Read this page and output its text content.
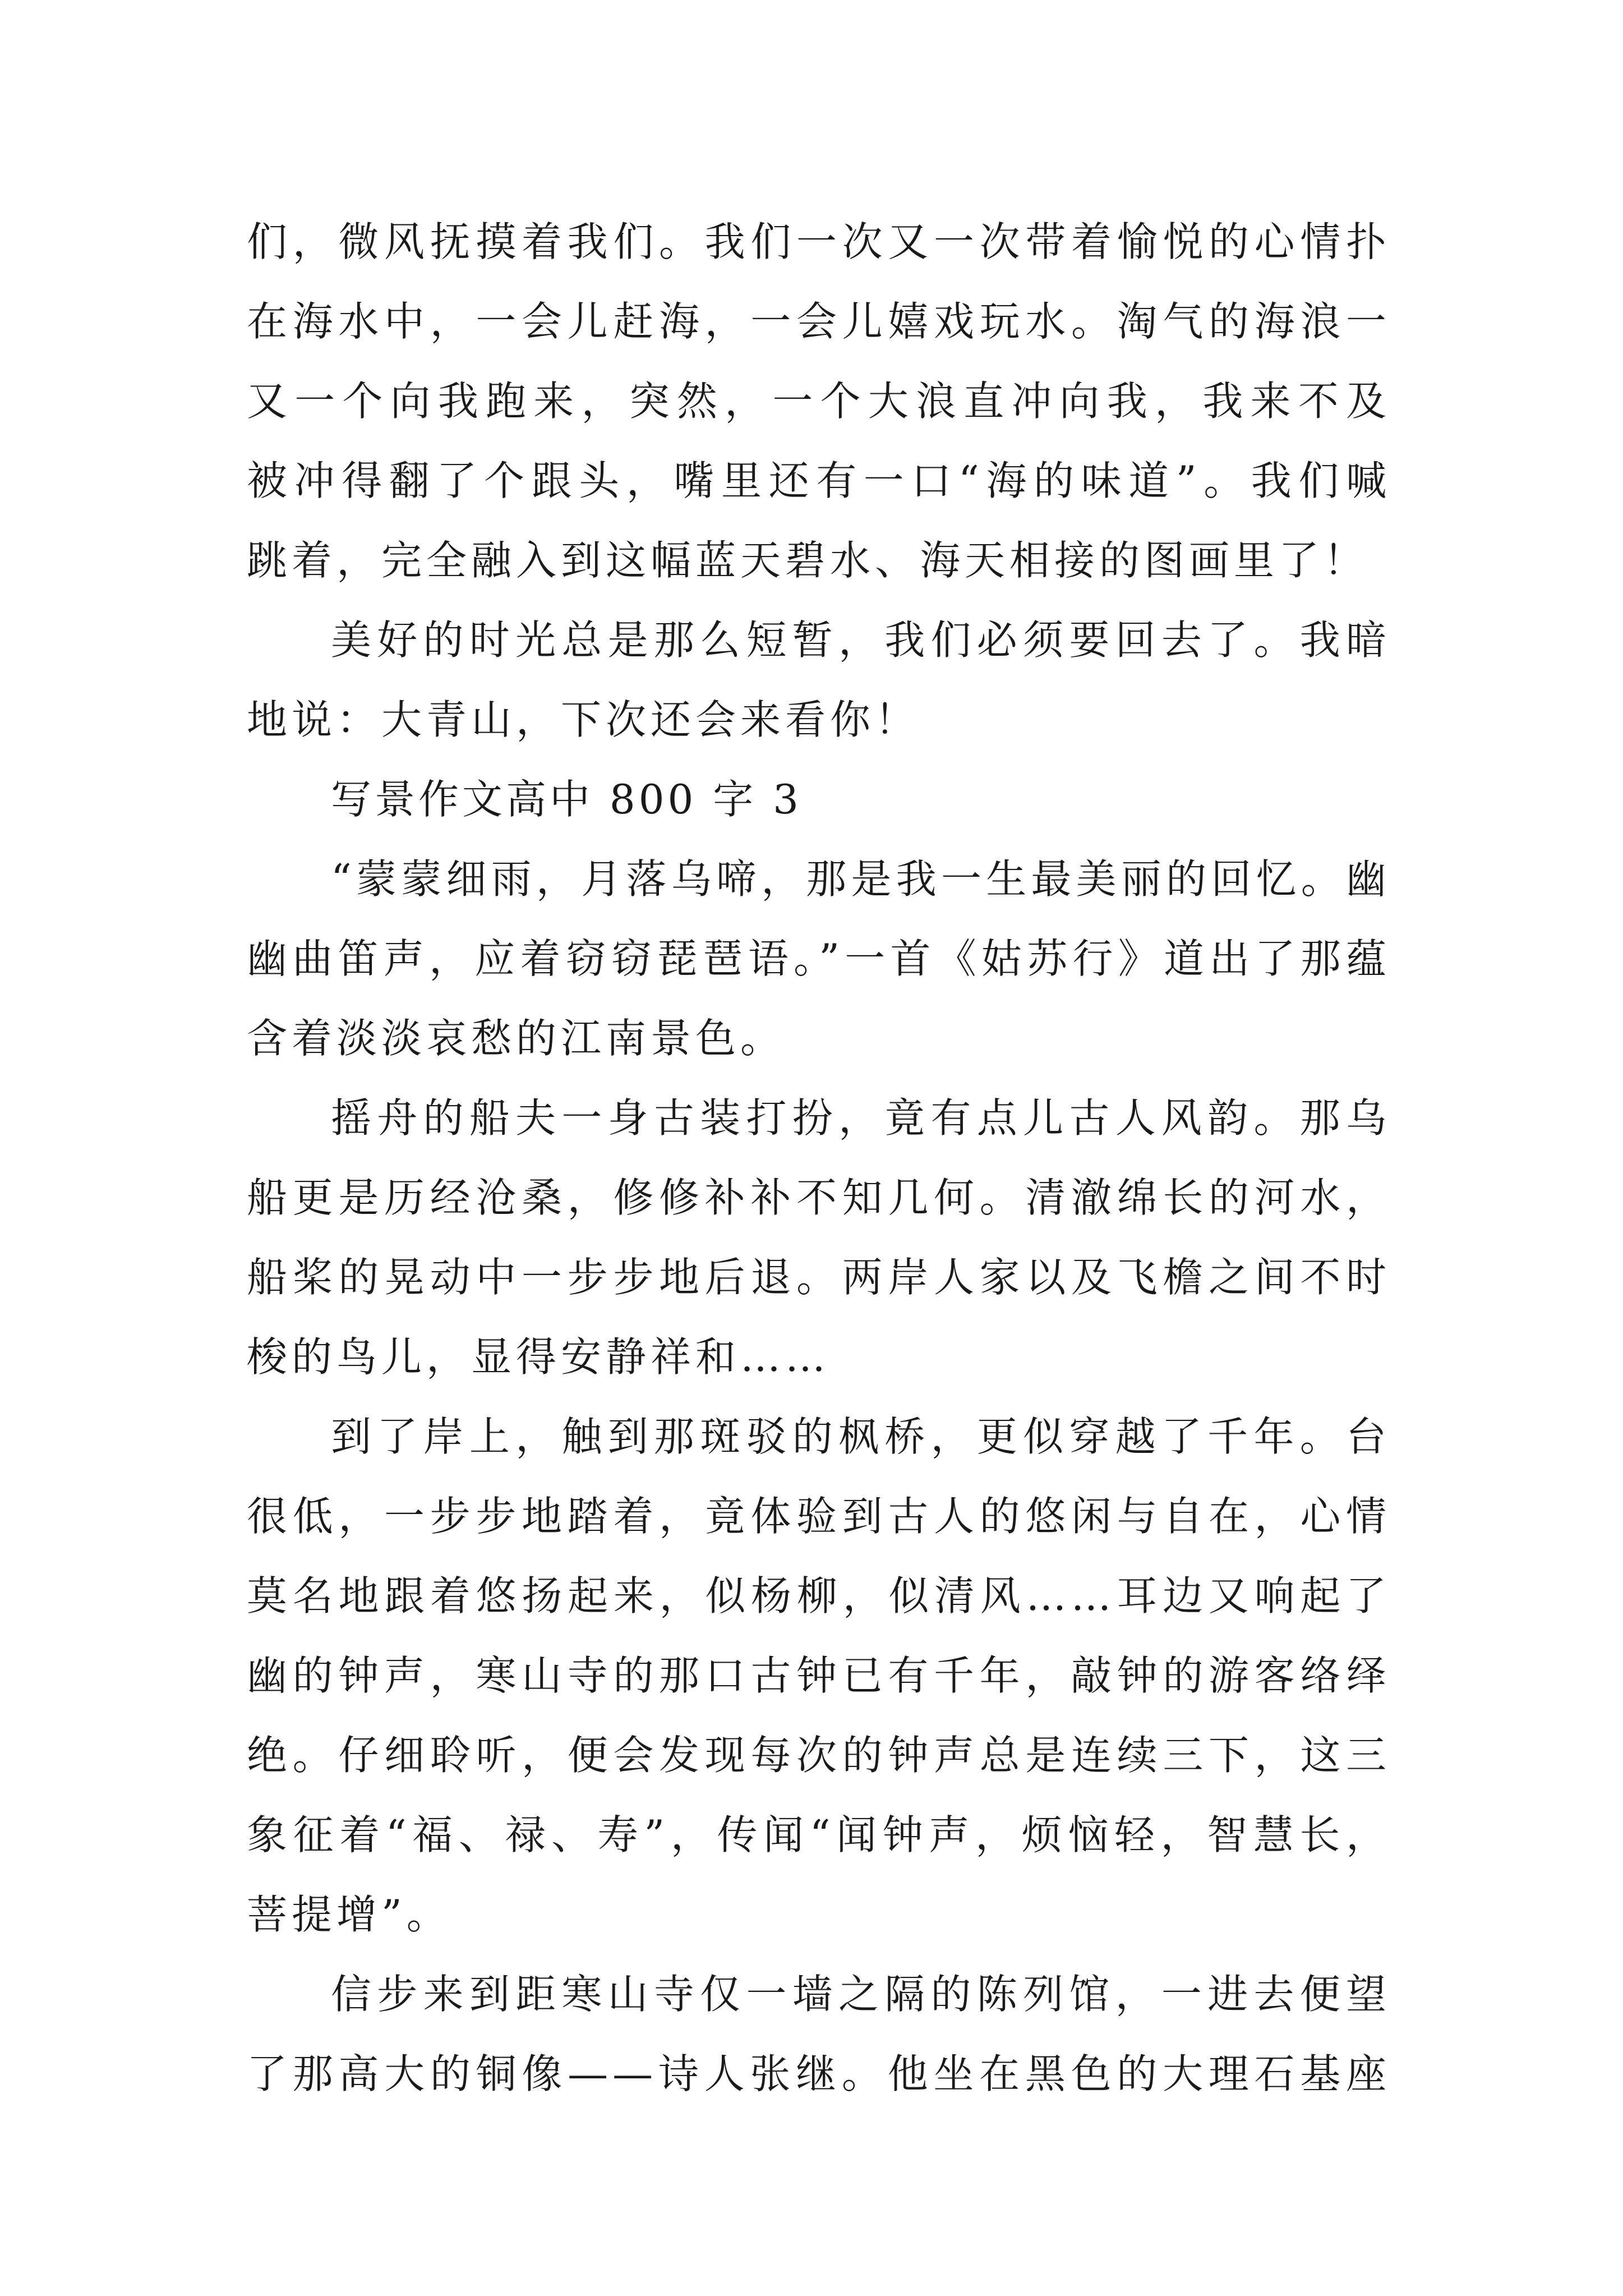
们，微风抚摸着我们。我们一次又一次带着愉悦的心情扑
在海水中，一会儿赶海，一会儿嬉戏玩水。淘气的海浪一
又一个向我跑来，突然，一个大浪直冲向我，我来不及
被冲得翻了个跟头，嘴里还有一口“海的味道”。我们喊
跳着，完全融入到这幅蓝天碧水、海天相接的图画里了！
美好的时光总是那么短暂，我们必须要回去了。我暗
地说：大青山，下次还会来看你！
写景作文高中 800 字 3
“蒙蒙细雨，月落乌啼，那是我一生最美丽的回忆。幽
幽曲笛声，应着窃窃琵琶语。”一首《姑苏行》道出了那蕴
含着淡淡哀愁的江南景色。
摇舟的船夫一身古装打扮，竟有点儿古人风韵。那乌
船更是历经沧桑，修修补补不知几何。清澈绵长的河水，
船桨的晃动中一步步地后退。两岸人家以及飞檐之间不时
梭的鸟儿，显得安静祥和……
到了岸上，触到那斑驳的枫桥，更似穿越了千年。台
很低，一步步地踏着，竟体验到古人的悠闲与自在，心情
莫名地跟着悠扬起来，似杨柳，似清风……耳边又响起了
幽的钟声，寒山寺的那口古钟已有千年，敲钟的游客络绎
绝。仔细聆听，便会发现每次的钟声总是连续三下，这三
象征着“福、禄、寿”，传闻“闻钟声，烦恼轻，智慧长，
菩提增”。
信步来到距寒山寺仅一墙之隔的陈列馆，一进去便望
了那高大的铜像——诗人张继。他坐在黑色的大理石基座
